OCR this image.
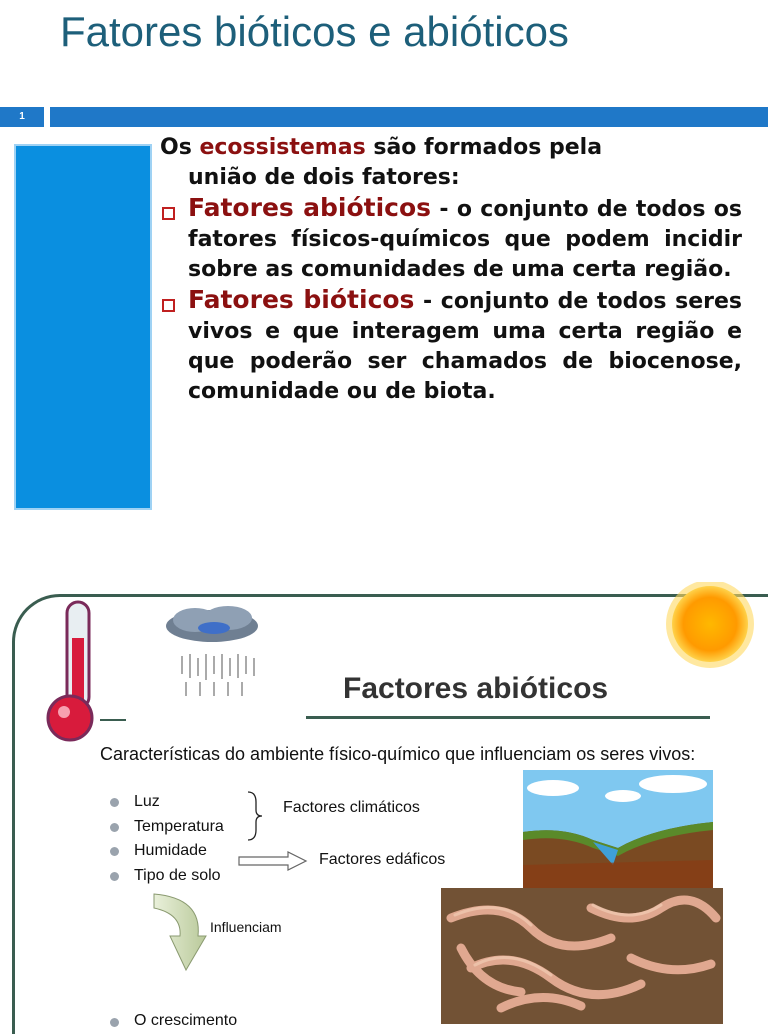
Fatores bióticos e abióticos
1

Os ecossistemas são formados pela
união de dois fatores:

Fatores abióticos - o conjunto de todos os fatores físicos-químicos que podem incidir sobre as comunidades de uma certa região.

Fatores bióticos - conjunto de todos seres vivos e que interagem uma certa região e que poderão ser chamados de biocenose, comunidade ou de biota.

Factores abióticos
Características do ambiente físico-químico que influenciam os seres vivos:
Luz
Temperatura
Humidade
Tipo de solo
Factores climáticos
Factores edáficos
Influenciam
O crescimento
